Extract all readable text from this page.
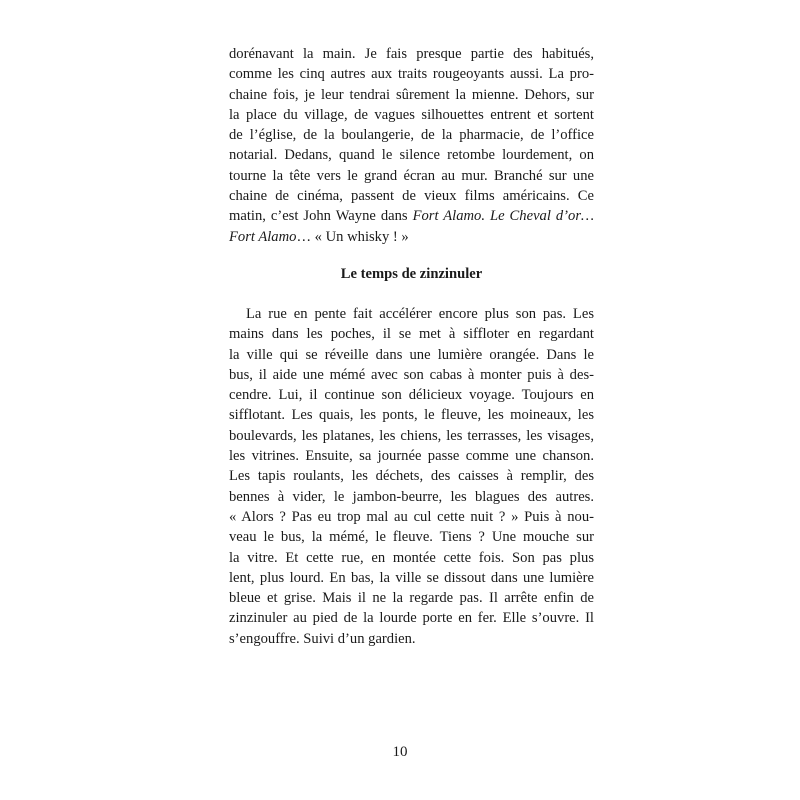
dorénavant la main. Je fais presque partie des habitués,
comme les cinq autres aux traits rougeoyants aussi. La pro-
chaine fois, je leur tendrai sûrement la mienne. Dehors, sur
la place du village, de vagues silhouettes entrent et sortent
de l’église, de la boulangerie, de la pharmacie, de l’office
notarial. Dedans, quand le silence retombe lourdement, on
tourne la tête vers le grand écran au mur. Branché sur une
chaine de cinéma, passent de vieux films américains. Ce
matin, c’est John Wayne dans Fort Alamo. Le Cheval d’or…
Fort Alamo… « Un whisky ! »
Le temps de zinzinuler
La rue en pente fait accélérer encore plus son pas. Les
mains dans les poches, il se met à siffloter en regardant
la ville qui se réveille dans une lumière orangée. Dans le
bus, il aide une mémé avec son cabas à monter puis à des-
cendre. Lui, il continue son délicieux voyage. Toujours en
sifflotant. Les quais, les ponts, le fleuve, les moineaux, les
boulevards, les platanes, les chiens, les terrasses, les visages,
les vitrines. Ensuite, sa journée passe comme une chanson.
Les tapis roulants, les déchets, des caisses à remplir, des
bennes à vider, le jambon-beurre, les blagues des autres.
« Alors ? Pas eu trop mal au cul cette nuit ? » Puis à nou-
veau le bus, la mémé, le fleuve. Tiens ? Une mouche sur
la vitre. Et cette rue, en montée cette fois. Son pas plus
lent, plus lourd. En bas, la ville se dissout dans une lumière
bleue et grise. Mais il ne la regarde pas. Il arrête enfin de
zinzinuler au pied de la lourde porte en fer. Elle s’ouvre. Il
s’engouffre. Suivi d’un gardien.
10
